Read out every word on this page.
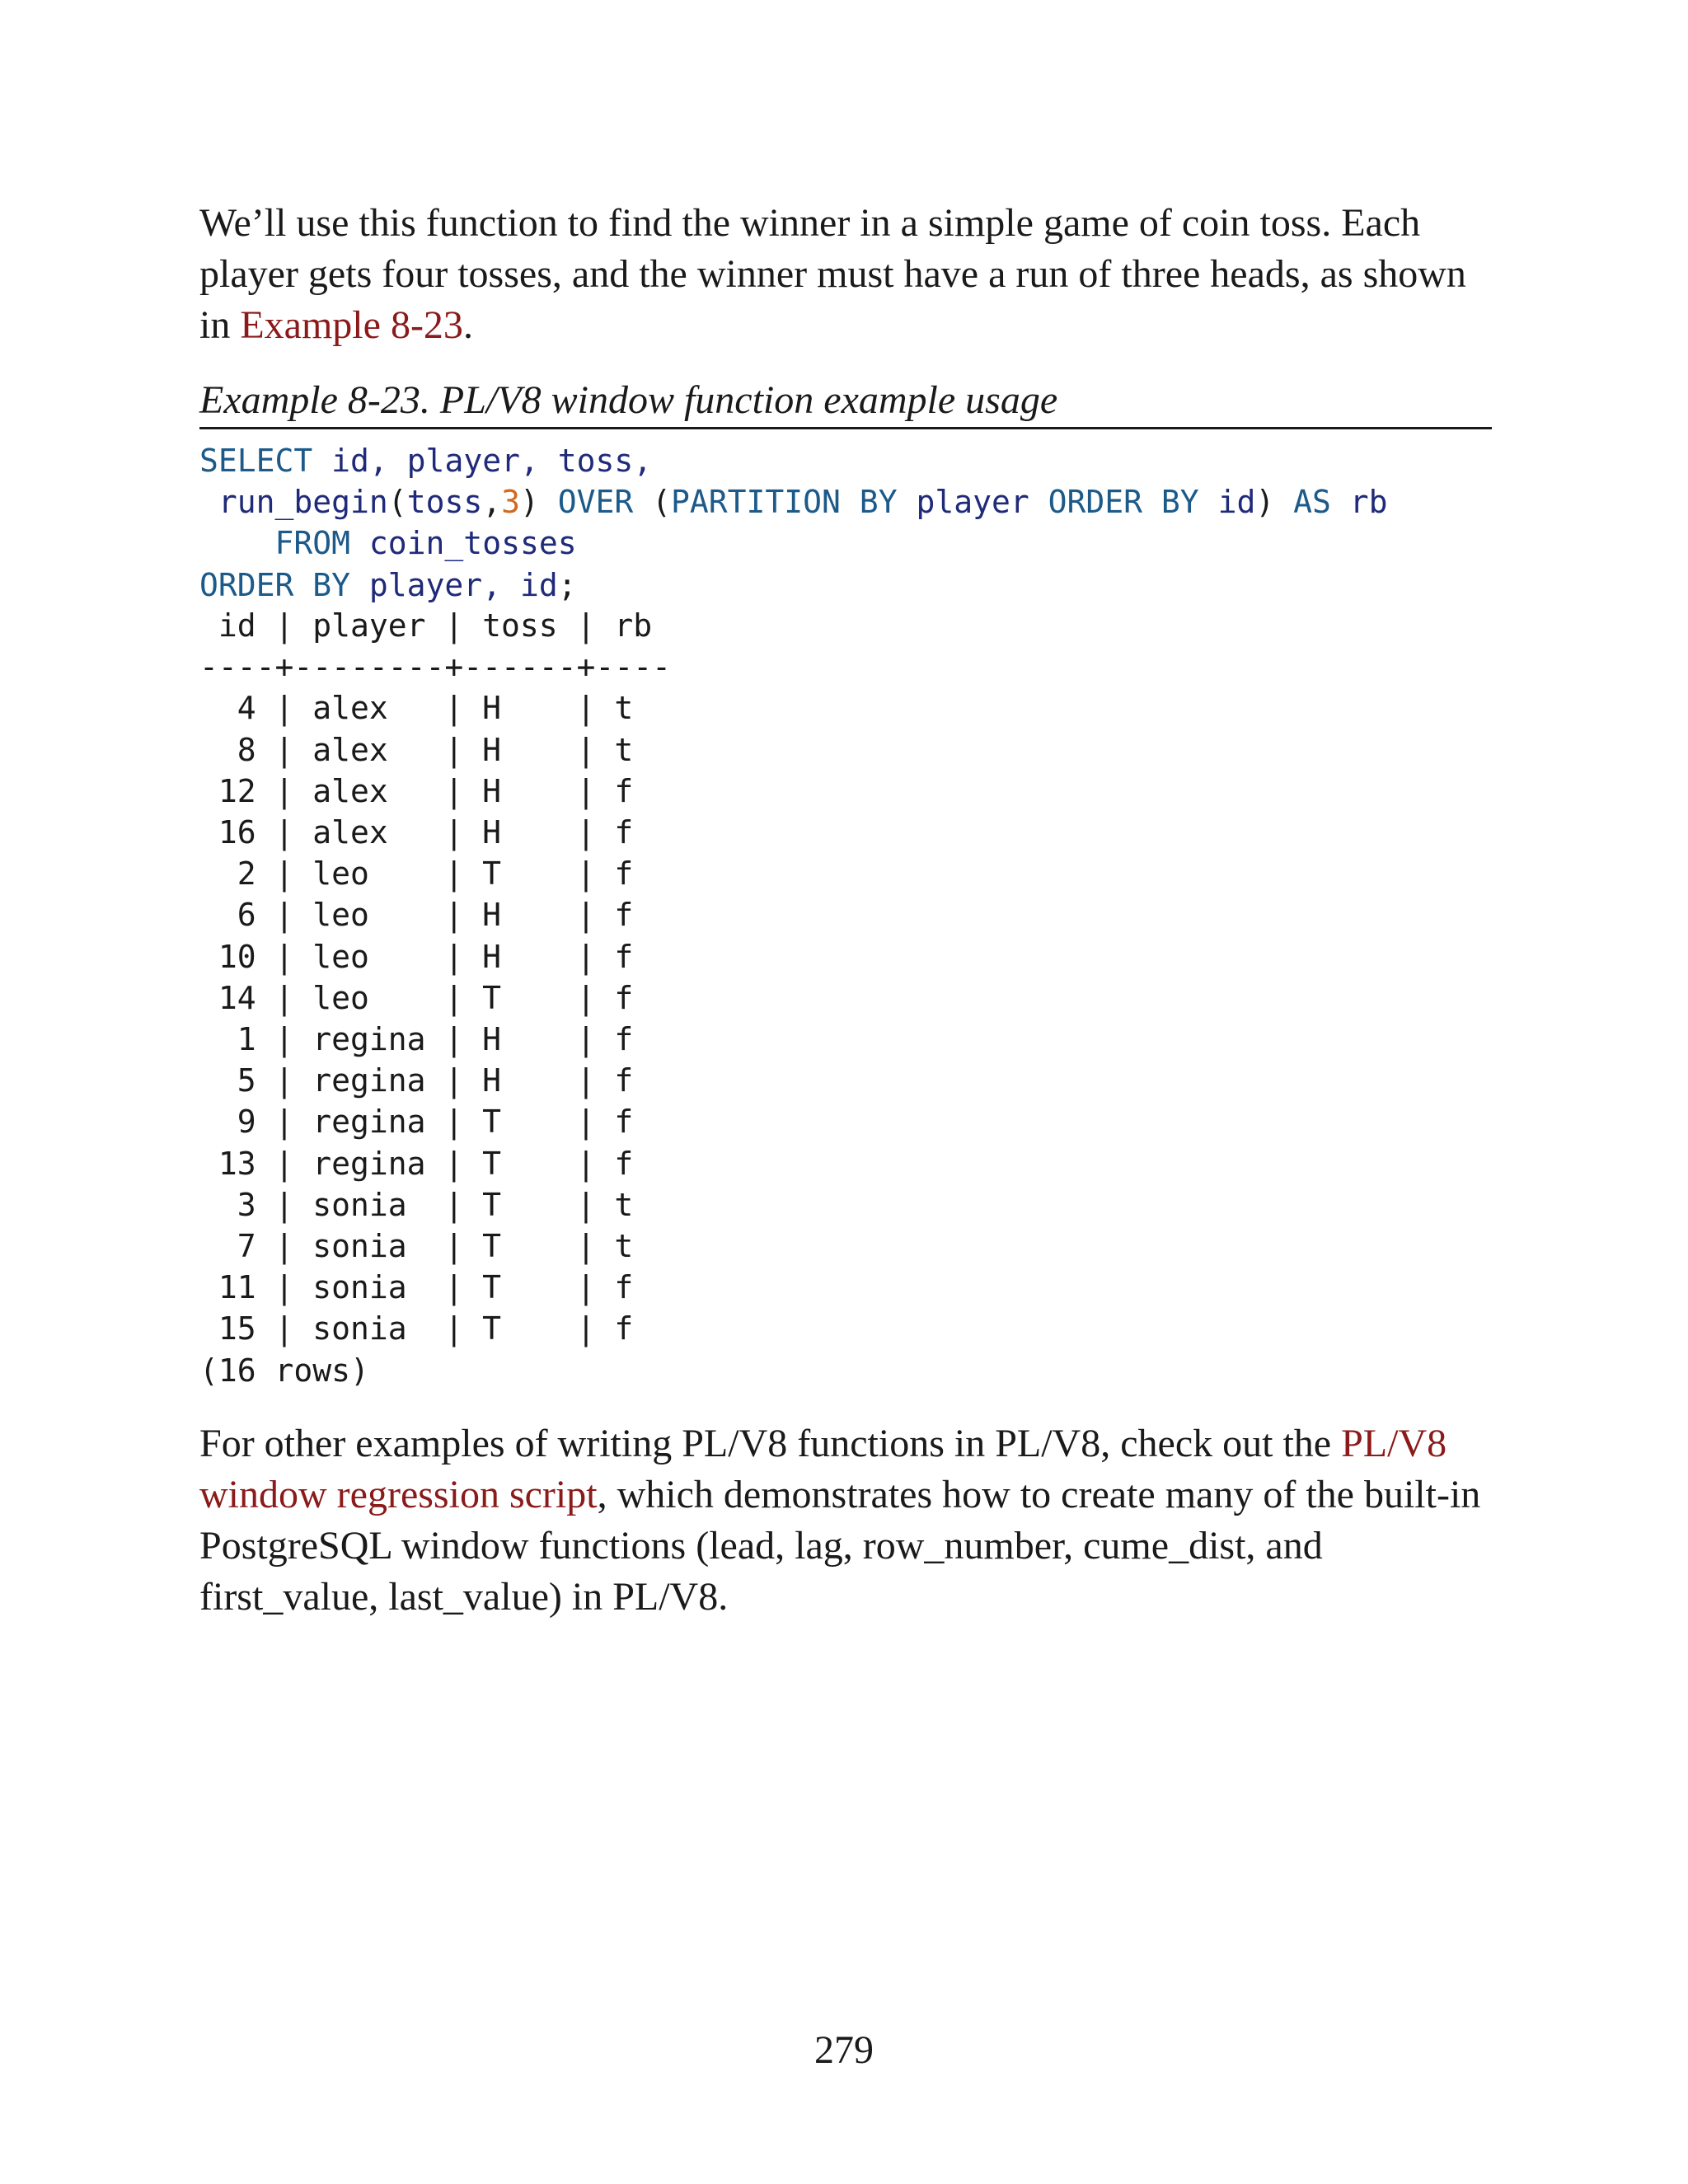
We’ll use this function to find the winner in a simple game of coin toss. Each player gets four tosses, and the winner must have a run of three heads, as shown in Example 8-23.

Example 8-23. PL/V8 window function example usage

SELECT id, player, toss,
run_begin(toss,3) OVER (PARTITION BY player ORDER BY id) AS rb
FROM coin_tosses
ORDER BY player, id;
id | player | toss | rb
----+--------+------+----
4 | alex   | H    | t
8 | alex   | H    | t
12 | alex   | H    | f
16 | alex   | H    | f
2 | leo    | T    | f
6 | leo    | H    | f
10 | leo    | H    | f
14 | leo    | T    | f
1 | regina | H    | f
5 | regina | H    | f
9 | regina | T    | f
13 | regina | T    | f
3 | sonia  | T    | t
7 | sonia  | T    | t
11 | sonia  | T    | f
15 | sonia  | T    | f
(16 rows)

For other examples of writing PL/V8 functions in PL/V8, check out the PL/V8 window regression script, which demonstrates how to create many of the built-in PostgreSQL window functions (lead, lag, row_number, cume_dist, and first_value, last_value) in PL/V8.

279
